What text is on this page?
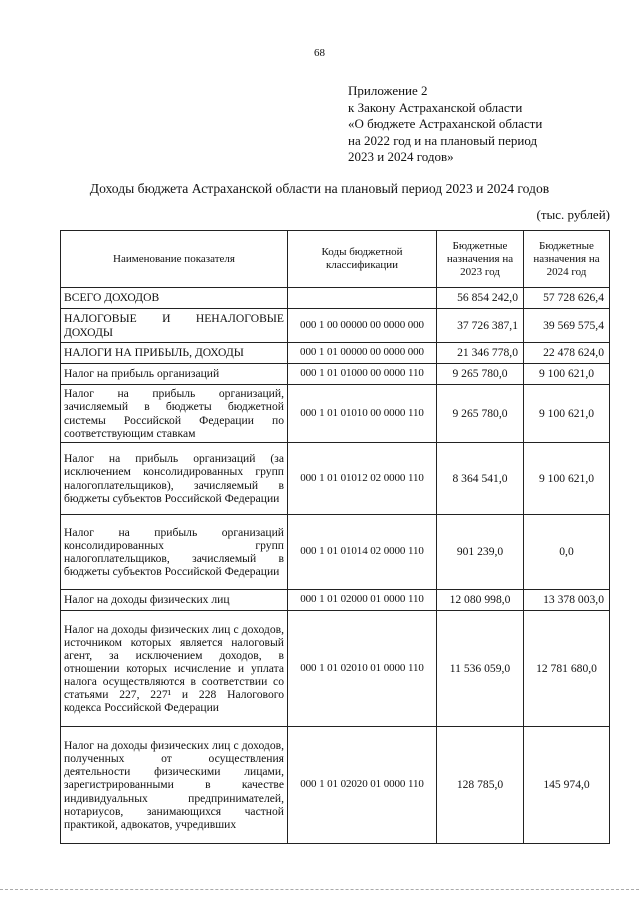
68
Приложение 2
к Закону Астраханской области
«О бюджете Астраханской области
на 2022 год и на плановый период
2023 и 2024 годов»
Доходы бюджета Астраханской области на плановый период 2023 и 2024 годов
(тыс. рублей)
Наименование показателя	Коды бюджетной классификации	Бюджетные назначения на 2023 год	Бюджетные назначения на 2024 год
ВСЕГО ДОХОДОВ		56 854 242,0	57 728 626,4
НАЛОГОВЫЕ И НЕНАЛОГОВЫЕ ДОХОДЫ	000 1 00 00000 00 0000 000	37 726 387,1	39 569 575,4
НАЛОГИ НА ПРИБЫЛЬ, ДОХОДЫ	000 1 01 00000 00 0000 000	21 346 778,0	22 478 624,0
Налог на прибыль организаций	000 1 01 01000 00 0000 110	9 265 780,0	9 100 621,0
Налог на прибыль организаций, зачисляемый в бюджеты бюджетной системы Российской Федерации по соответствующим ставкам	000 1 01 01010 00 0000 110	9 265 780,0	9 100 621,0
Налог на прибыль организаций (за исключением консолидированных групп налогоплательщиков), зачисляемый в бюджеты субъектов Российской Федерации	000 1 01 01012 02 0000 110	8 364 541,0	9 100 621,0
Налог на прибыль организаций консолидированных групп налогоплательщиков, зачисляемый в бюджеты субъектов Российской Федерации	000 1 01 01014 02 0000 110	901 239,0	0,0
Налог на доходы физических лиц	000 1 01 02000 01 0000 110	12 080 998,0	13 378 003,0
Налог на доходы физических лиц с доходов, источником которых является налоговый агент, за исключением доходов, в отношении которых исчисление и уплата налога осуществляются в соответствии со статьями 227, 227¹ и 228 Налогового кодекса Российской Федерации	000 1 01 02010 01 0000 110	11 536 059,0	12 781 680,0
Налог на доходы физических лиц с доходов, полученных от осуществления деятельности физическими лицами, зарегистрированными в качестве индивидуальных предпринимателей, нотариусов, занимающихся частной практикой, адвокатов, учредивших	000 1 01 02020 01 0000 110	128 785,0	145 974,0
